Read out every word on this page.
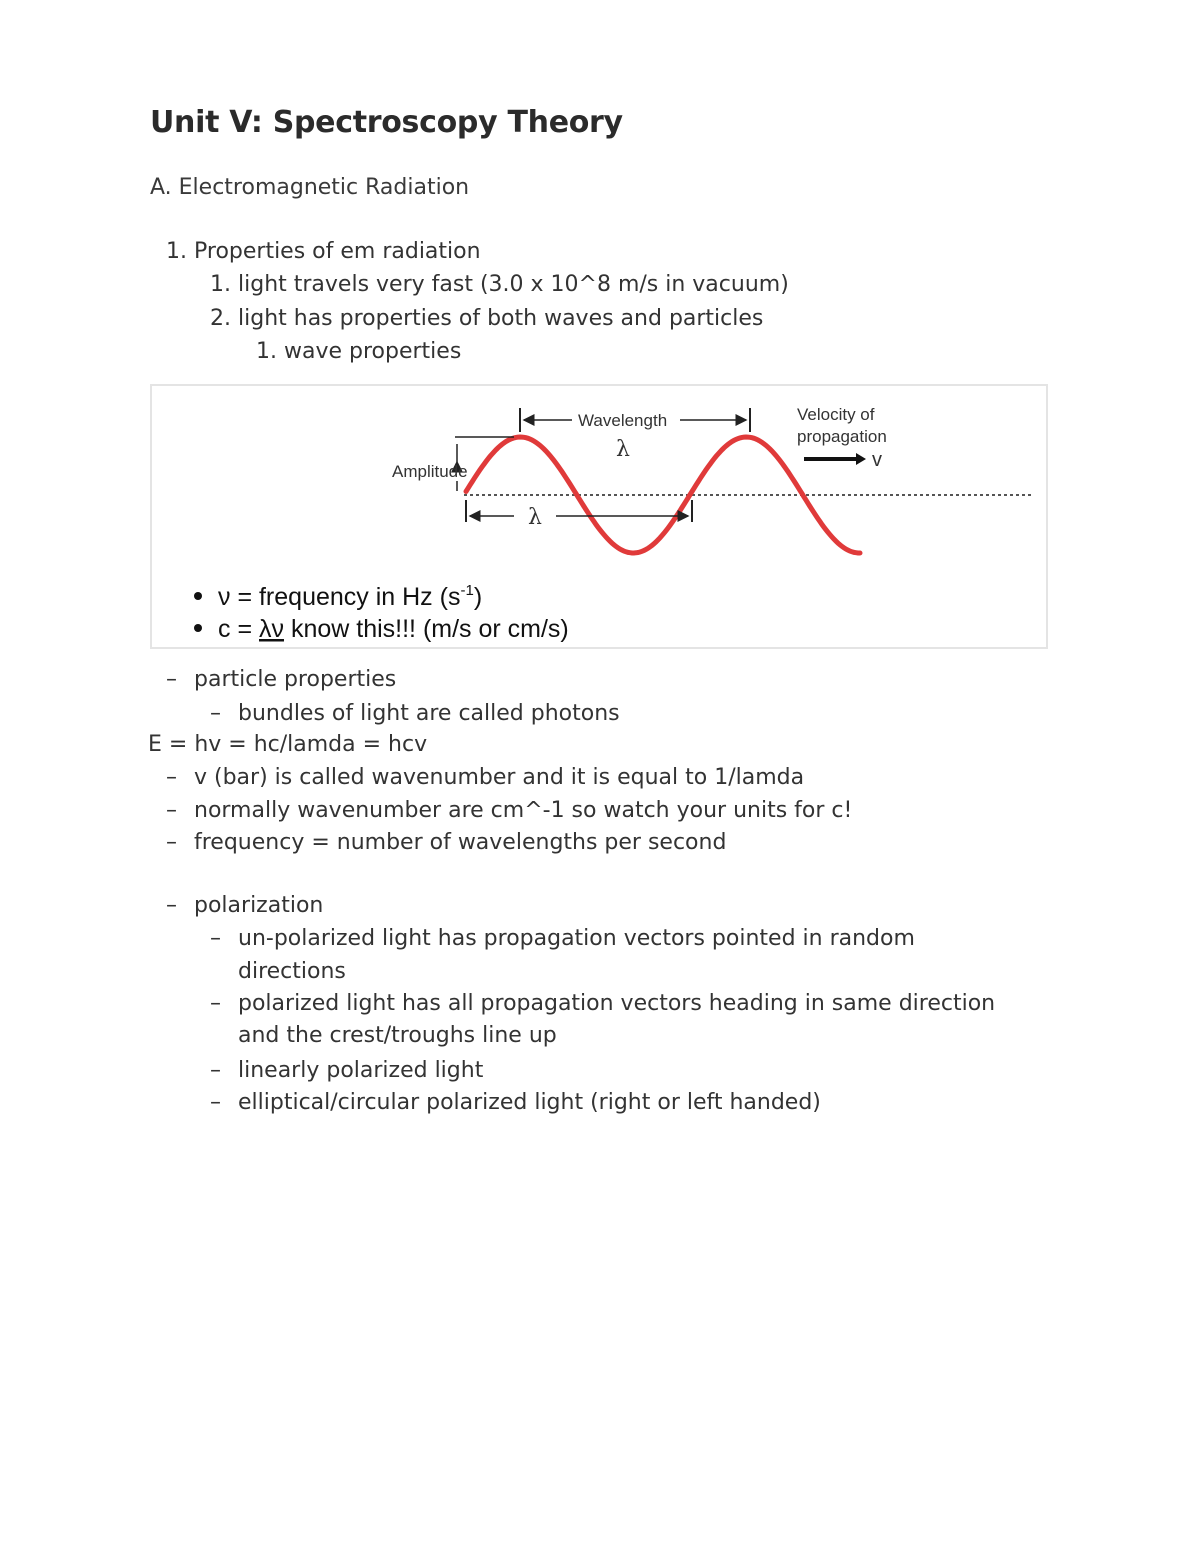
Unit V: Spectroscopy Theory
A. Electromagnetic Radiation
1. Properties of em radiation
1. light travels very fast (3.0 x 10^8 m/s in vacuum)
2. light has properties of both waves and particles
1. wave properties
Amplitude
Wavelength
λ
λ
Velocity of
propagation
v
ν = frequency in Hz $(s^{-1})$
c = λν know this!!! (m/s or cm/s)
– particle properties
– bundles of light are called photons
E = hv = hc/lamda = hcv
– v (bar) is called wavenumber and it is equal to 1/lamda
– normally wavenumber are cm^-1 so watch your units for c!
– frequency = number of wavelengths per second
– polarization
– un-polarized light has propagation vectors pointed in random
directions
– polarized light has all propagation vectors heading in same direction
and the crest/troughs line up
– linearly polarized light
– elliptical/circular polarized light (right or left handed)
